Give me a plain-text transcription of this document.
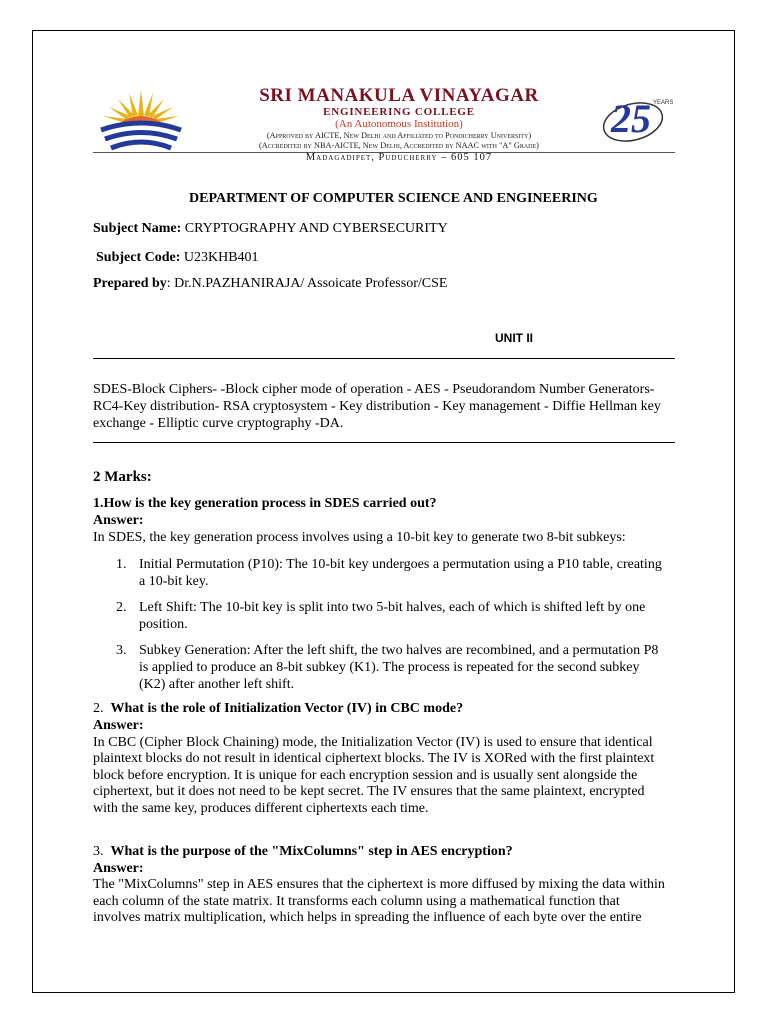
SRI MANAKULA VINAYAGAR
ENGINEERING COLLEGE
(An Autonomous Institution)
(Approved by AICTE, New Delhi and Affiliated to Pondicherry University)
(Accredited by NBA-AICTE, New Delhi, Accredited by NAAC with "A" Grade)
Madagadipet, Puducherry – 605 107
25 YEARS
DEPARTMENT OF COMPUTER SCIENCE AND ENGINEERING
Subject Name: CRYPTOGRAPHY AND CYBERSECURITY
Subject Code: U23KHB401
Prepared by: Dr.N.PAZHANIRAJA/ Assoicate Professor/CSE
UNIT II
SDES-Block Ciphers- -Block cipher mode of operation - AES - Pseudorandom Number Generators-
RC4-Key distribution- RSA cryptosystem - Key distribution - Key management - Diffie Hellman key
exchange - Elliptic curve cryptography -DA.
2 Marks:
1.How is the key generation process in SDES carried out?
Answer:
In SDES, the key generation process involves using a 10-bit key to generate two 8-bit subkeys:
1. Initial Permutation (P10): The 10-bit key undergoes a permutation using a P10 table, creating
a 10-bit key.
2. Left Shift: The 10-bit key is split into two 5-bit halves, each of which is shifted left by one
position.
3. Subkey Generation: After the left shift, the two halves are recombined, and a permutation P8
is applied to produce an 8-bit subkey (K1). The process is repeated for the second subkey
(K2) after another left shift.
2. What is the role of Initialization Vector (IV) in CBC mode?
Answer:
In CBC (Cipher Block Chaining) mode, the Initialization Vector (IV) is used to ensure that identical
plaintext blocks do not result in identical ciphertext blocks. The IV is XORed with the first plaintext
block before encryption. It is unique for each encryption session and is usually sent alongside the
ciphertext, but it does not need to be kept secret. The IV ensures that the same plaintext, encrypted
with the same key, produces different ciphertexts each time.
3. What is the purpose of the "MixColumns" step in AES encryption?
Answer:
The "MixColumns" step in AES ensures that the ciphertext is more diffused by mixing the data within
each column of the state matrix. It transforms each column using a mathematical function that
involves matrix multiplication, which helps in spreading the influence of each byte over the entire
